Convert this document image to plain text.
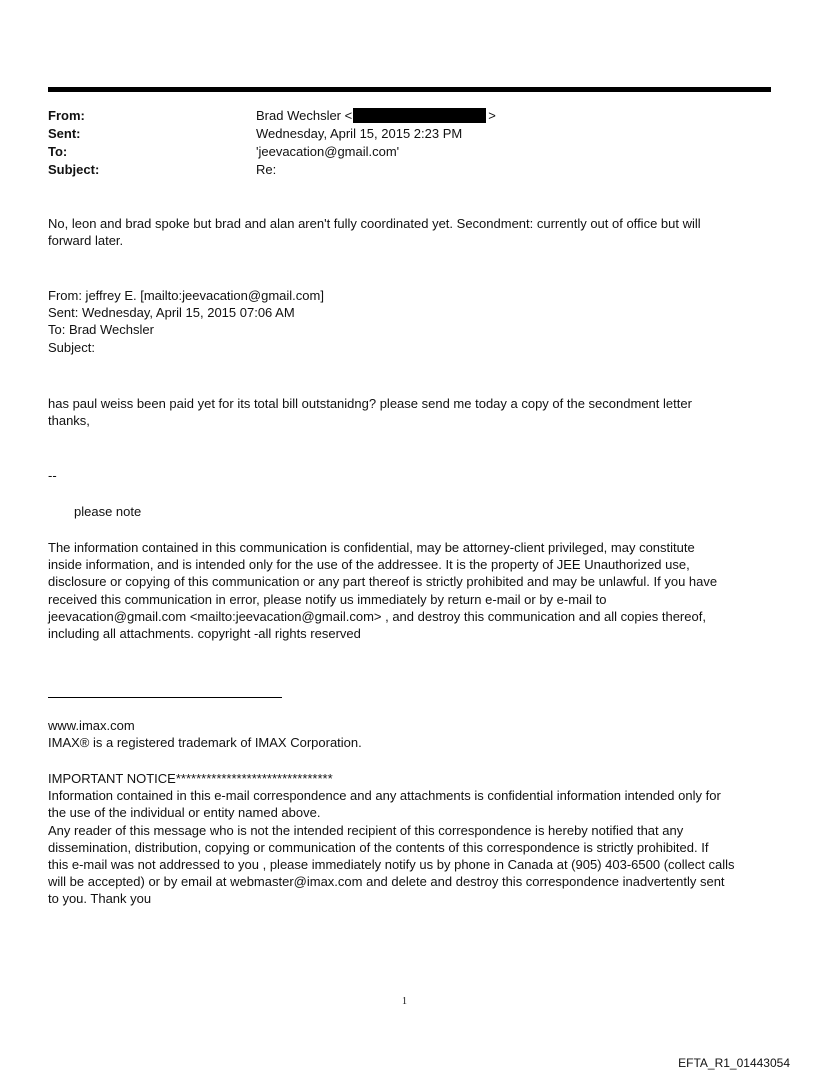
From:	Brad Wechsler <	>
Sent:	Wednesday, April 15, 2015 2:23 PM
To:	'jeevacation@gmail.com'
Subject:	Re:
No, leon and brad spoke but brad and alan aren't fully coordinated yet. Secondment: currently out of office but will
forward later.
From: jeffrey E. [mailto:jeevacation@gmail.com]
Sent: Wednesday, April 15, 2015 07:06 AM
To: Brad Wechsler
Subject:
has paul weiss been paid yet for its total bill outstanidng? please send me today a copy of the secondment letter
thanks,
--
please note
The information contained in this communication is confidential, may be attorney-client privileged, may constitute
inside information, and is intended only for the use of the addressee. It is the property of JEE Unauthorized use,
disclosure or copying of this communication or any part thereof is strictly prohibited and may be unlawful. If you have
received this communication in error, please notify us immediately by return e-mail or by e-mail to
jeevacation@gmail.com <mailto:jeevacation@gmail.com> , and destroy this communication and all copies thereof,
including all attachments. copyright -all rights reserved
www.imax.com
IMAX® is a registered trademark of IMAX Corporation.
IMPORTANT NOTICE*******************************
Information contained in this e-mail correspondence and any attachments is confidential information intended only for
the use of the individual or entity named above.
Any reader of this message who is not the intended recipient of this correspondence is hereby notified that any
dissemination, distribution, copying or communication of the contents of this correspondence is strictly prohibited. If
this e-mail was not addressed to you , please immediately notify us by phone in Canada at (905) 403-6500 (collect calls
will be accepted) or by email at webmaster@imax.com and delete and destroy this correspondence inadvertently sent
to you. Thank you
1
EFTA_R1_01443054
